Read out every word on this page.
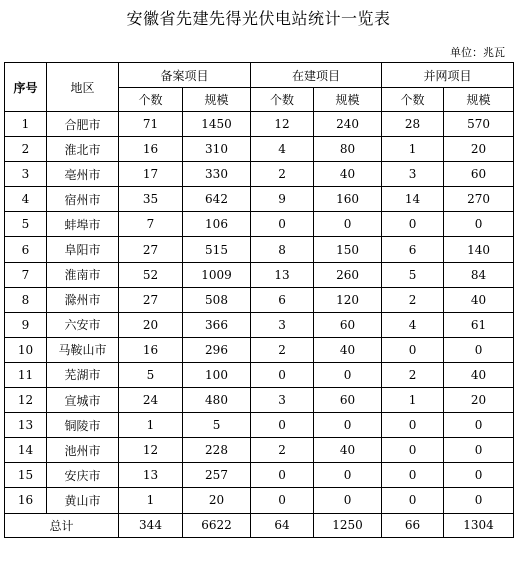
安徽省先建先得光伏电站统计一览表
单位：兆瓦
序号	地区	备案项目		在建项目		并网项目	
		个数	规模	个数	规模	个数	规模
1	合肥市	71	1450	12	240	28	570
2	淮北市	16	310	4	80	1	20
3	亳州市	17	330	2	40	3	60
4	宿州市	35	642	9	160	14	270
5	蚌埠市	7	106	0	0	0	0
6	阜阳市	27	515	8	150	6	140
7	淮南市	52	1009	13	260	5	84
8	滁州市	27	508	6	120	2	40
9	六安市	20	366	3	60	4	61
10	马鞍山市	16	296	2	40	0	0
11	芜湖市	5	100	0	0	2	40
12	宣城市	24	480	3	60	1	20
13	铜陵市	1	5	0	0	0	0
14	池州市	12	228	2	40	0	0
15	安庆市	13	257	0	0	0	0
16	黄山市	1	20	0	0	0	0
总计		344	6622	64	1250	66	1304
